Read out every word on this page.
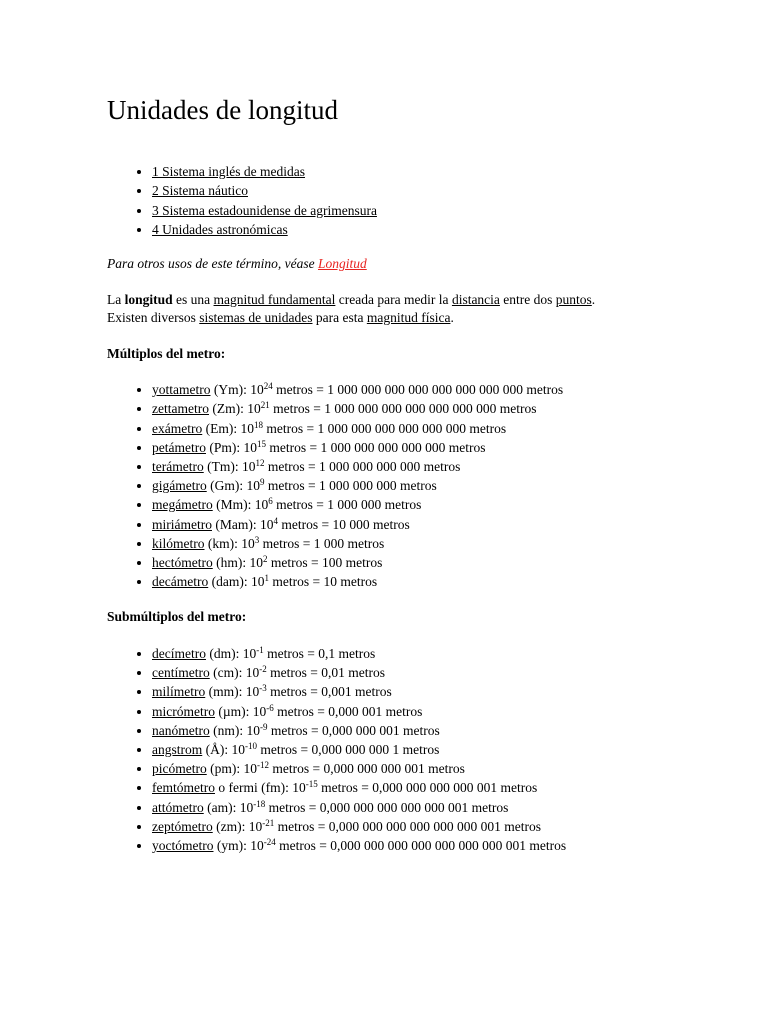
Unidades de longitud
• 1 Sistema inglés de medidas
• 2 Sistema náutico
• 3 Sistema estadounidense de agrimensura
• 4 Unidades astronómicas

Para otros usos de este término, véase Longitud

La longitud es una magnitud fundamental creada para medir la distancia entre dos puntos.
Existen diversos sistemas de unidades para esta magnitud física.

Múltiplos del metro:

• yottametro (Ym): $10^{24}$ metros = 1 000 000 000 000 000 000 000 000 metros
• zettametro (Zm): $10^{21}$ metros = 1 000 000 000 000 000 000 000 metros
• exámetro (Em): $10^{18}$ metros = 1 000 000 000 000 000 000 metros
• petámetro (Pm): $10^{15}$ metros = 1 000 000 000 000 000 metros
• terámetro (Tm): $10^{12}$ metros = 1 000 000 000 000 metros
• gigámetro (Gm): $10^9$ metros = 1 000 000 000 metros
• megámetro (Mm): $10^6$ metros = 1 000 000 metros
• miriámetro (Mam): $10^4$ metros = 10 000 metros
• kilómetro (km): $10^3$ metros = 1 000 metros
• hectómetro (hm): $10^2$ metros = 100 metros
• decámetro (dam): $10^1$ metros = 10 metros

Submúltiplos del metro:

• decímetro (dm): $10^{-1}$ metros = 0,1 metros
• centímetro (cm): $10^{-2}$ metros = 0,01 metros
• milímetro (mm): $10^{-3}$ metros = 0,001 metros
• micrómetro (µm): $10^{-6}$ metros = 0,000 001 metros
• nanómetro (nm): $10^{-9}$ metros = 0,000 000 001 metros
• angstrom (Å): $10^{-10}$ metros = 0,000 000 000 1 metros
• picómetro (pm): $10^{-12}$ metros = 0,000 000 000 001 metros
• femtómetro o fermi (fm): $10^{-15}$ metros = 0,000 000 000 000 001 metros
• attómetro (am): $10^{-18}$ metros = 0,000 000 000 000 000 001 metros
• zeptómetro (zm): $10^{-21}$ metros = 0,000 000 000 000 000 000 001 metros
• yoctómetro (ym): $10^{-24}$ metros = 0,000 000 000 000 000 000 000 001 metros
